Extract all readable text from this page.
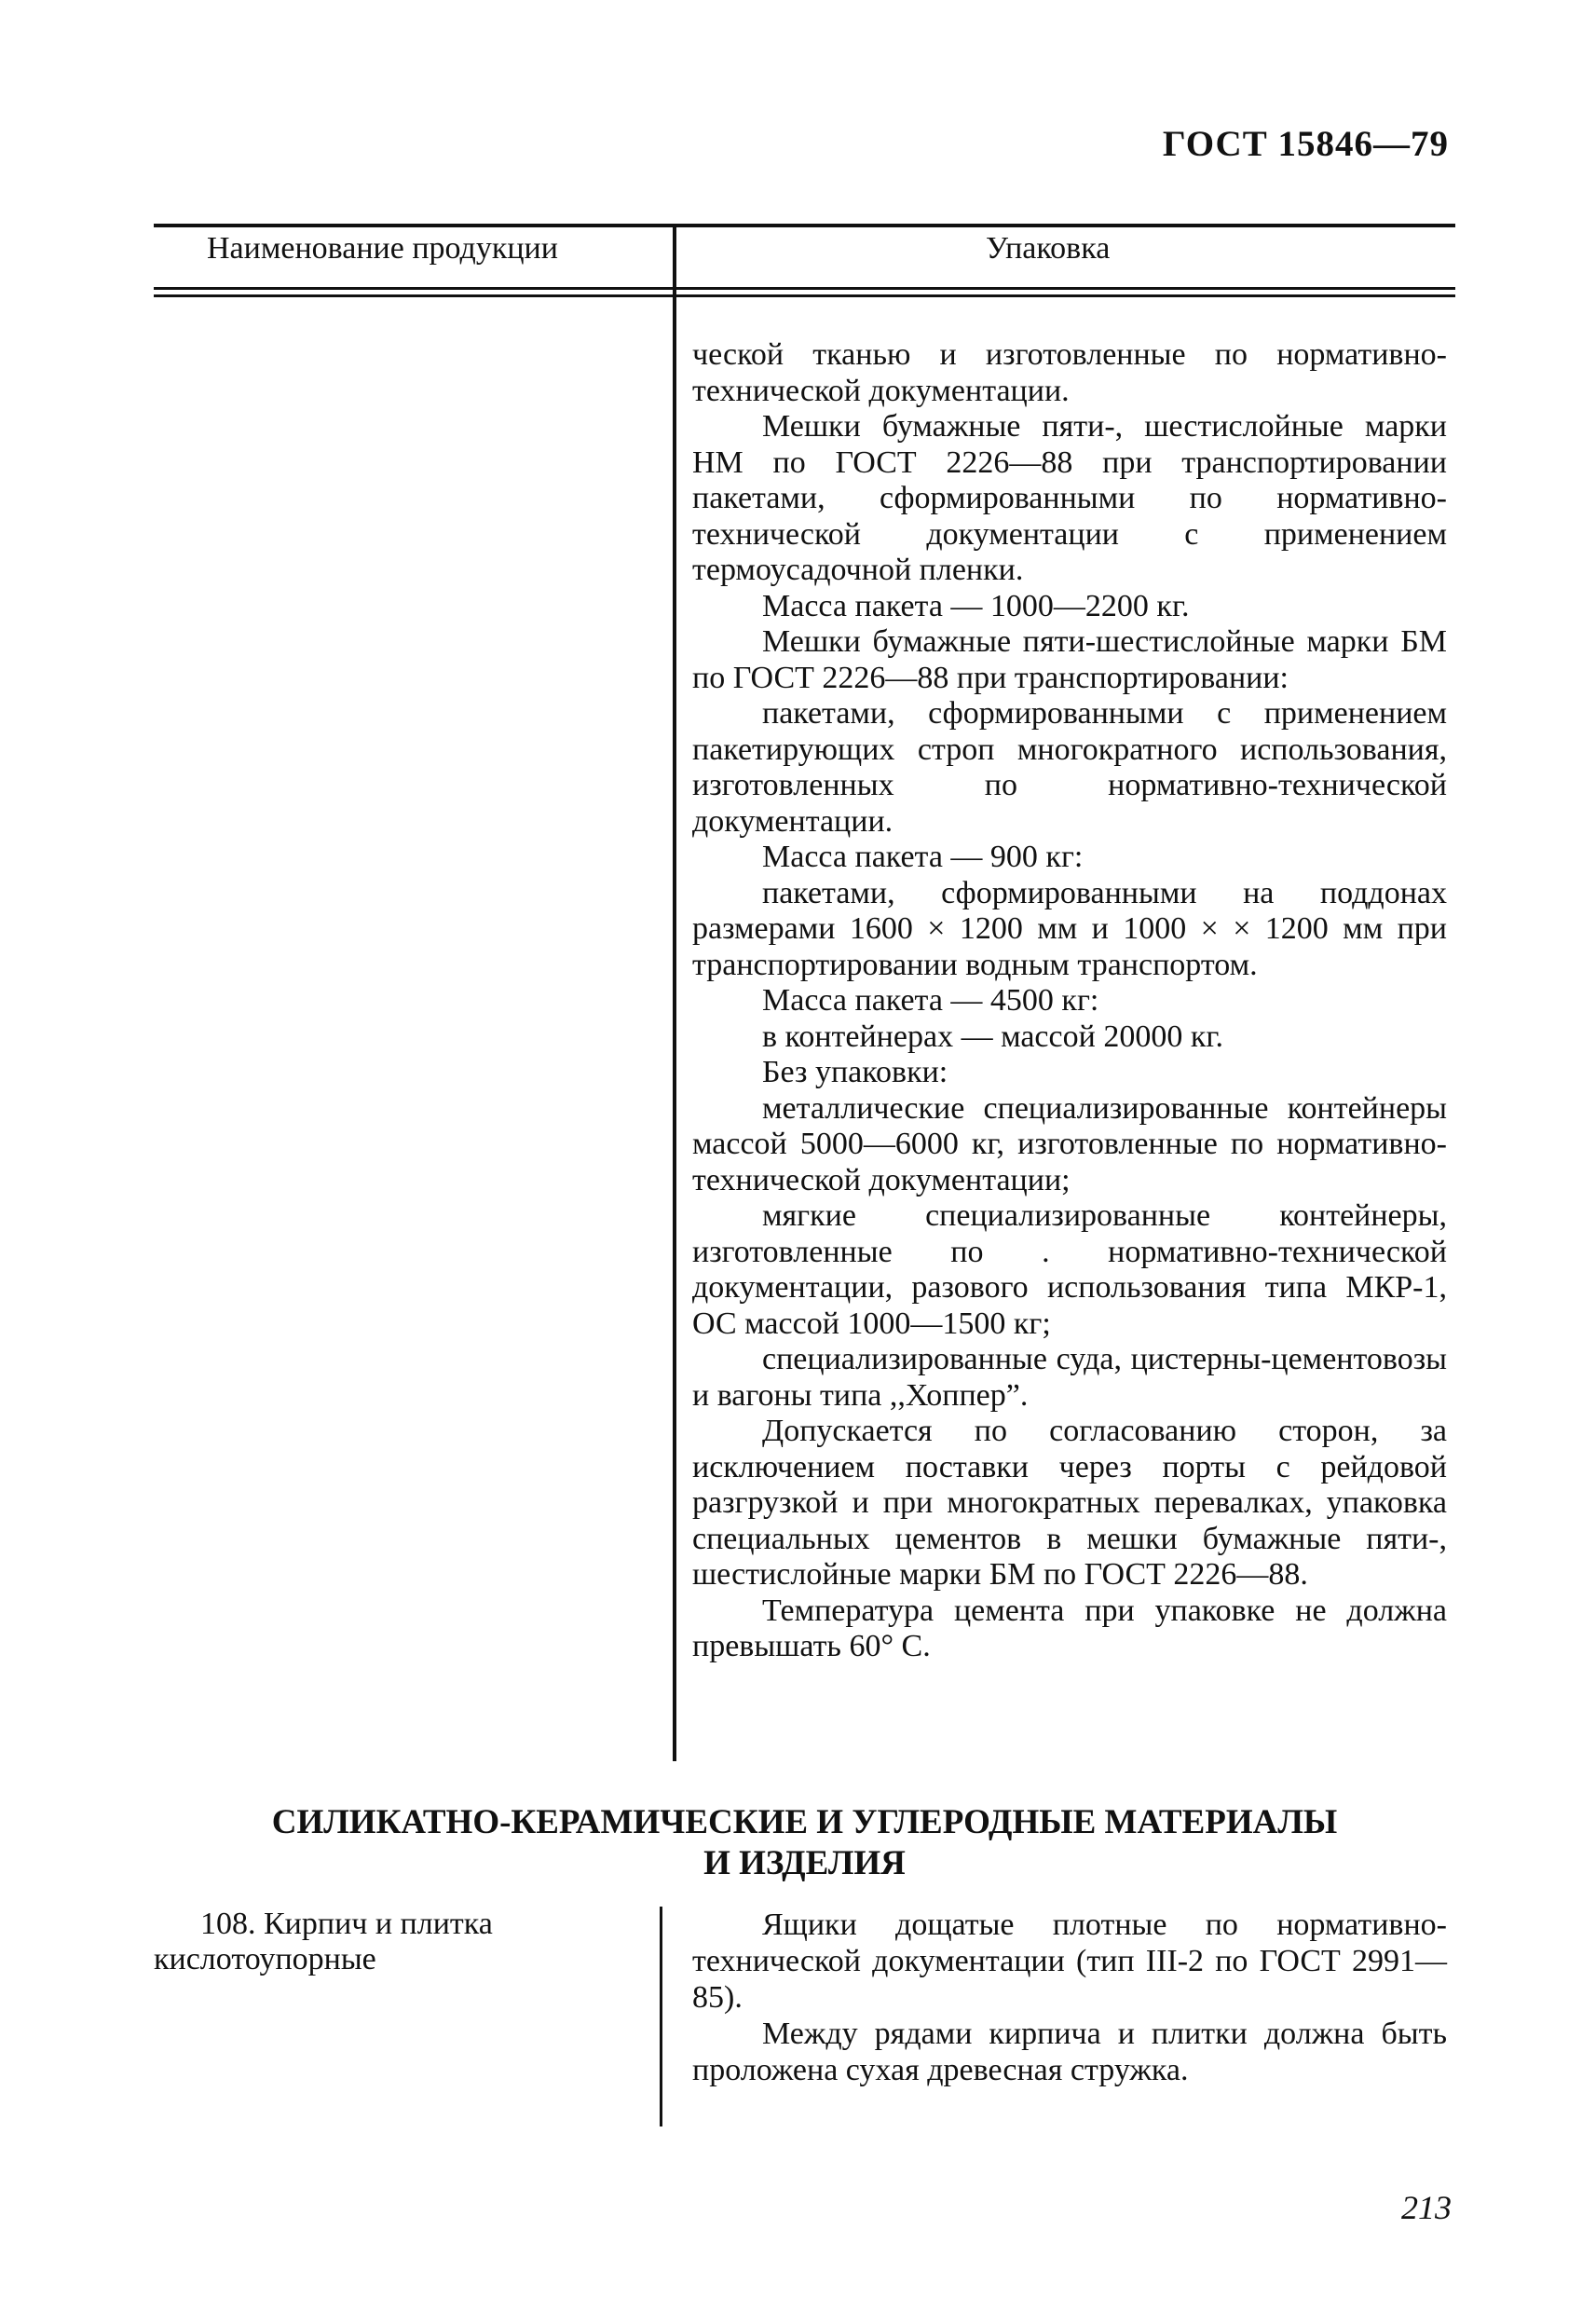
ГОСТ 15846—79
Наименование продукции	Упаковка

ческой тканью и изготовленные по нормативно-технической документации.

Мешки бумажные пяти-, шестислойные марки НМ по ГОСТ 2226—88 при транспортировании пакетами, сформированными по нормативно-технической документации с применением термоусадочной пленки.

Масса пакета — 1000—2200 кг.

Мешки бумажные пяти-шестислойные марки БМ по ГОСТ 2226—88 при транспортировании:

пакетами, сформированными с применением пакетирующих строп многократного использования, изготовленных по нормативно-технической документации.

Масса пакета — 900 кг:

пакетами, сформированными на поддонах размерами 1600 × 1200 мм и 1000 × × 1200 мм при транспортировании водным транспортом.

Масса пакета — 4500 кг:

в контейнерах — массой 20000 кг.

Без упаковки:

металлические специализированные контейнеры массой 5000—6000 кг, изготовленные по нормативно-технической документации;

мягкие специализированные контейнеры, изготовленные по . нормативно-технической документации, разового использования типа МКР-1, ОС массой 1000—1500 кг;

специализированные суда, цистерны-цементовозы и вагоны типа ,,Хоппер”.

Допускается по согласованию сторон, за исключением поставки через порты с рейдовой разгрузкой и при многократных перевалках, упаковка специальных цементов в мешки бумажные пяти-, шестислойные марки БМ по ГОСТ 2226—88.

Температура цемента при упаковке не должна превышать 60° С.

СИЛИКАТНО-КЕРАМИЧЕСКИЕ И УГЛЕРОДНЫЕ МАТЕРИАЛЫ
И ИЗДЕЛИЯ
108. Кирпич и плитка
кислотоупорные

Ящики дощатые плотные по нормативно-технической документации (тип III-2 по ГОСТ 2991—85).

Между рядами кирпича и плитки должна быть проложена сухая древесная стружка.

213
